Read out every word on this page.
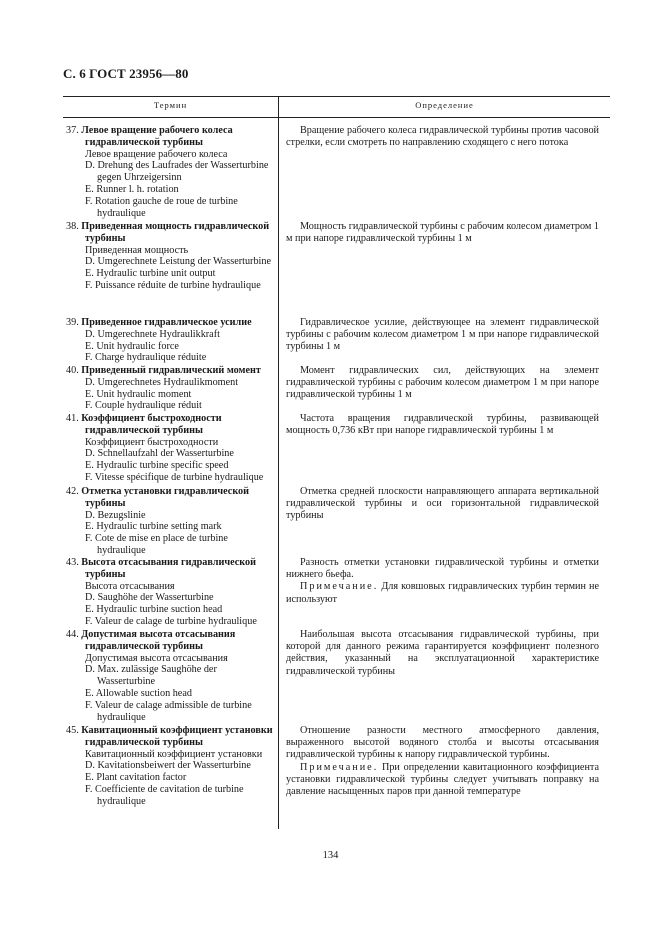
С. 6 ГОСТ 23956—80
Термин	Определение
37. Левое вращение рабочего колеса гидравлической турбины
Левое вращение рабочего колеса
D. Drehung des Laufrades der Wasserturbine gegen Uhrzeigersinn
E. Runner l. h. rotation
F. Rotation gauche de roue de turbine hydraulique

Вращение рабочего колеса гидравлической турбины против часовой стрелки, если смотреть по направлению сходящего с него потока

38. Приведенная мощность гидравлической турбины
Приведенная мощность
D. Umgerechnete Leistung der Wasserturbine
E. Hydraulic turbine unit output
F. Puissance réduite de turbine hydraulique

Мощность гидравлической турбины с рабочим колесом диаметром 1 м при напоре гидравлической турбины 1 м

39. Приведенное гидравлическое усилие
D. Umgerechnete Hydraulikkraft
E. Unit hydraulic force
F. Charge hydraulique réduite

Гидравлическое усилие, действующее на элемент гидравлической турбины с рабочим колесом диаметром 1 м при напоре гидравлической турбины 1 м

40. Приведенный гидравлический момент
D. Umgerechnetes Hydraulikmoment
E. Unit hydraulic moment
F. Couple hydraulique réduit

Момент гидравлических сил, действующих на элемент гидравлической турбины с рабочим колесом диаметром 1 м при напоре гидравлической турбины 1 м

41. Коэффициент быстроходности гидравлической турбины
Коэффициент быстроходности
D. Schnellaufzahl der Wasserturbine
E. Hydraulic turbine specific speed
F. Vitesse spécifique de turbine hydraulique

Частота вращения гидравлической турбины, развивающей мощность 0,736 кВт при напоре гидравлической турбины 1 м

42. Отметка установки гидравлической турбины
D. Bezugslinie
E. Hydraulic turbine setting mark
F. Cote de mise en place de turbine hydraulique

Отметка средней плоскости направляющего аппарата вертикальной гидравлической турбины и оси горизонтальной гидравлической турбины

43. Высота отсасывания гидравлической турбины
Высота отсасывания
D. Saughöhe der Wasserturbine
E. Hydraulic turbine suction head
F. Valeur de calage de turbine hydraulique

Разность отметки установки гидравлической турбины и отметки нижнего бьефа.

Примечание. Для ковшовых гидравлических турбин термин не используют

44. Допустимая высота отсасывания гидравлической турбины
Допустимая высота отсасывания
D. Max. zulässige Saughöhe der Wasserturbine
E. Allowable suction head
F. Valeur de calage admissible de turbine hydraulique

Наибольшая высота отсасывания гидравлической турбины, при которой для данного режима гарантируется коэффициент полезного действия, указанный на эксплуатационной характеристике гидравлической турбины

45. Кавитационный коэффициент установки гидравлической турбины
Кавитационный коэффициент установки
D. Kavitationsbeiwert der Wasserturbine
E. Plant cavitation factor
F. Coefficiente de cavitation de turbine hydraulique

Отношение разности местного атмосферного давления, выраженного высотой водяного столба и высоты отсасывания гидравлической турбины к напору гидравлической турбины.

Примечание. При определении кавитационного коэффициента установки гидравлической турбины следует учитывать поправку на давление насыщенных паров при данной температуре

134
